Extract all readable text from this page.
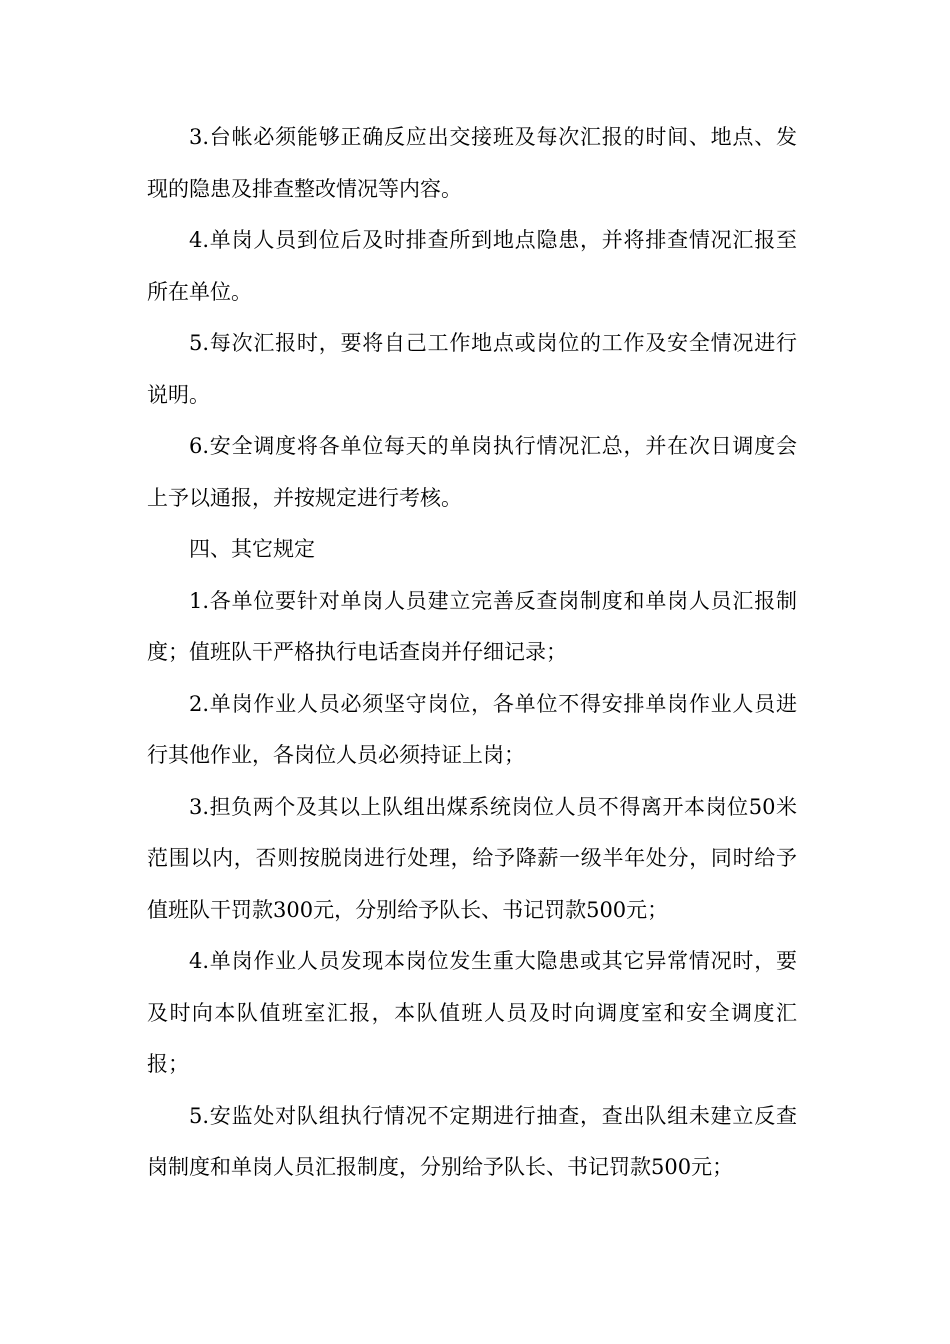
3.台帐必须能够正确反应出交接班及每次汇报的时间、地点、发现的隐患及排查整改情况等内容。

4.单岗人员到位后及时排查所到地点隐患，并将排查情况汇报至所在单位。

5.每次汇报时，要将自己工作地点或岗位的工作及安全情况进行说明。

6.安全调度将各单位每天的单岗执行情况汇总，并在次日调度会上予以通报，并按规定进行考核。

四、其它规定

1.各单位要针对单岗人员建立完善反查岗制度和单岗人员汇报制度；值班队干严格执行电话查岗并仔细记录；

2.单岗作业人员必须坚守岗位，各单位不得安排单岗作业人员进行其他作业，各岗位人员必须持证上岗；

3.担负两个及其以上队组出煤系统岗位人员不得离开本岗位50米范围以内，否则按脱岗进行处理，给予降薪一级半年处分，同时给予值班队干罚款300元，分别给予队长、书记罚款500元；

4.单岗作业人员发现本岗位发生重大隐患或其它异常情况时，要及时向本队值班室汇报，本队值班人员及时向调度室和安全调度汇报；

5.安监处对队组执行情况不定期进行抽查，查出队组未建立反查岗制度和单岗人员汇报制度，分别给予队长、书记罚款500元；
